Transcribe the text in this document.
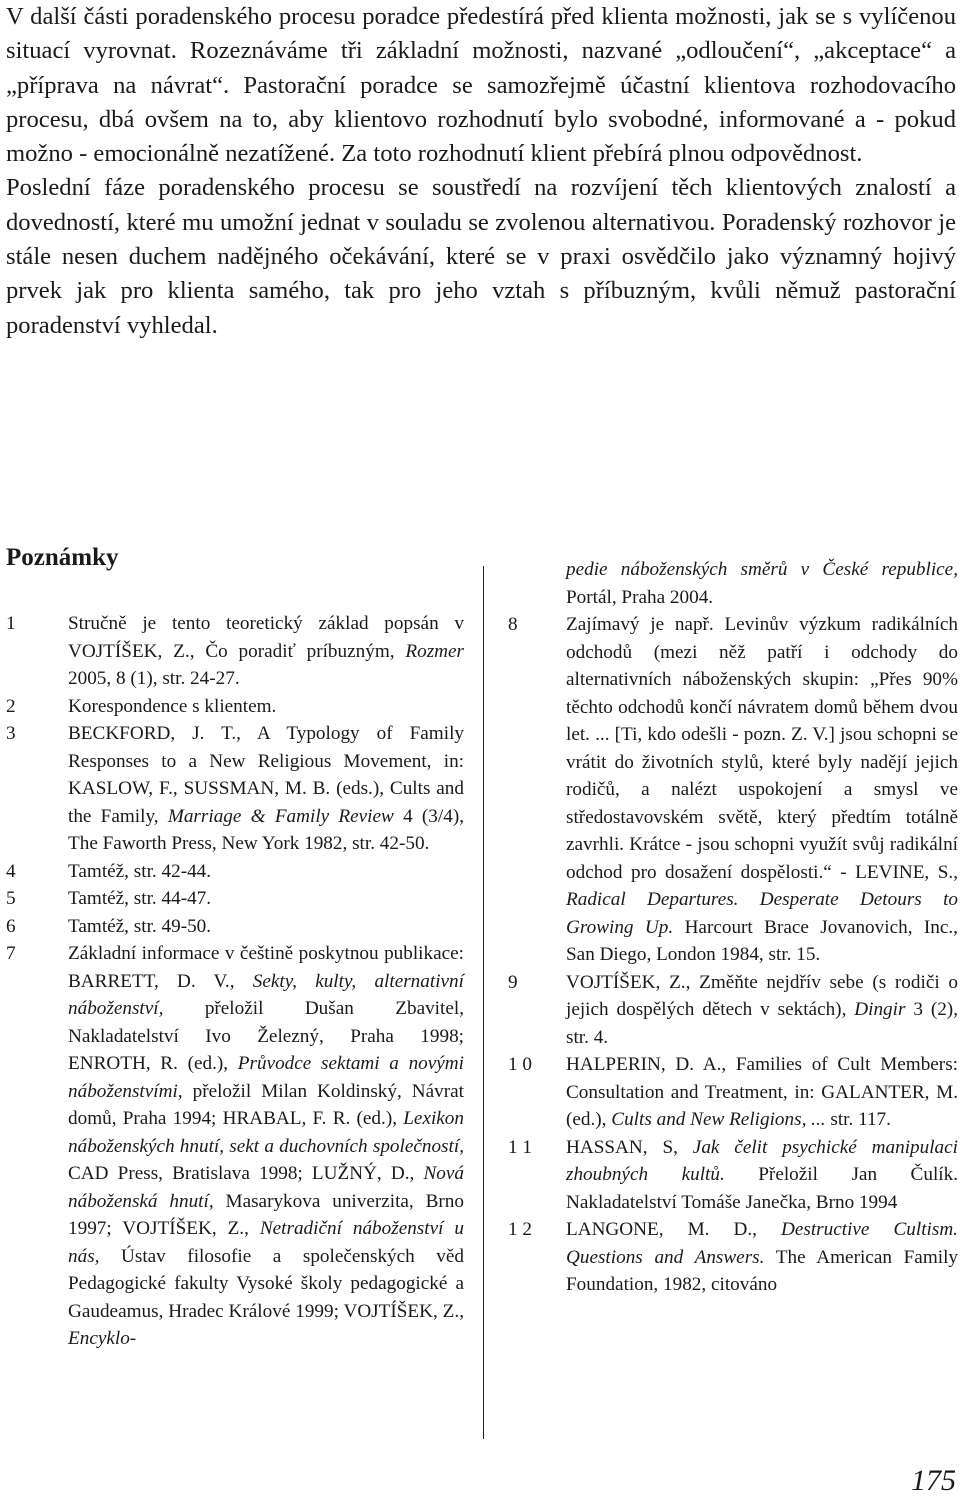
V další části poradenského procesu poradce předestírá před klienta možnosti, jak se s vylíčenou situací vyrovnat. Rozeznáváme tři základní možnosti, nazvané „odloučení“, „akceptace“ a „příprava na návrat“. Pastorační poradce se samozřejmě účastní klientova rozhodovacího procesu, dbá ovšem na to, aby klientovo rozhodnutí bylo svobodné, informované a - pokud možno - emocionálně nezatížené. Za toto rozhodnutí klient přebírá plnou odpovědnost.

Poslední fáze poradenského procesu se soustředí na rozvíjení těch klientových znalostí a dovedností, které mu umožní jednat v souladu se zvolenou alternativou. Poradenský rozhovor je stále nesen duchem nadějného očekávání, které se v praxi osvědčilo jako významný hojivý prvek jak pro klienta samého, tak pro jeho vztah s příbuzným, kvůli němuž pastorační poradenství vyhledal.

Poznámky
1	Stručně je tento teoretický základ popsán v VOJTÍŠEK, Z., Čo poradiť príbuzným, Rozmer 2005, 8 (1), str. 24-27.
2	Korespondence s klientem.
3	BECKFORD, J. T., A Typology of Family Responses to a New Religious Movement, in: KASLOW, F., SUSSMAN, M. B. (eds.), Cults and the Family, Marriage & Family Review 4 (3/4), The Faworth Press, New York 1982, str. 42-50.
4	Tamtéž, str. 42-44.
5	Tamtéž, str. 44-47.
6	Tamtéž, str. 49-50.
7	Základní informace v češtině poskytnou publikace: BARRETT, D. V., Sekty, kulty, alternativní náboženství, přeložil Dušan Zbavitel, Nakladatelství Ivo Železný, Praha 1998; ENROTH, R. (ed.), Průvodce sektami a novými náboženstvími, přeložil Milan Koldinský, Návrat domů, Praha 1994; HRABAL, F. R. (ed.), Lexikon náboženských hnutí, sekt a duchovních společností, CAD Press, Bratislava 1998; LUŽNÝ, D., Nová náboženská hnutí, Masarykova univerzita, Brno 1997; VOJTÍŠEK, Z., Netradiční náboženství u nás, Ústav filosofie a společenských věd Pedagogické fakulty Vysoké školy pedagogické a Gaudeamus, Hradec Králové 1999; VOJTÍŠEK, Z., Encyklo-
pedie náboženských směrů v České republice, Portál, Praha 2004.
8	Zajímavý je např. Levinův výzkum radikálních odchodů (mezi něž patří i odchody do alternativních náboženských skupin: „Přes 90% těchto odchodů končí návratem domů během dvou let. ... [Ti, kdo odešli - pozn. Z. V.] jsou schopni se vrátit do životních stylů, které byly nadějí jejich rodičů, a nalézt uspokojení a smysl ve středostavovském světě, který předtím totálně zavrhli. Krátce - jsou schopni využít svůj radikální odchod pro dosažení dospělosti.“ - LEVINE, S., Radical Departures. Desperate Detours to Growing Up. Harcourt Brace Jovanovich, Inc., San Diego, London 1984, str. 15.
9	VOJTÍŠEK, Z., Změňte nejdřív sebe (s rodiči o jejich dospělých dětech v sektách), Dingir 3 (2), str. 4.
1 0	HALPERIN, D. A., Families of Cult Members: Consultation and Treatment, in: GALANTER, M. (ed.), Cults and New Religions, ... str. 117.
1 1	HASSAN, S, Jak čelit psychické manipulaci zhoubných kultů. Přeložil Jan Čulík. Nakladatelství Tomáše Janečka, Brno 1994
1 2	LANGONE, M. D., Destructive Cultism. Questions and Answers. The American Family Foundation, 1982, citováno
175
